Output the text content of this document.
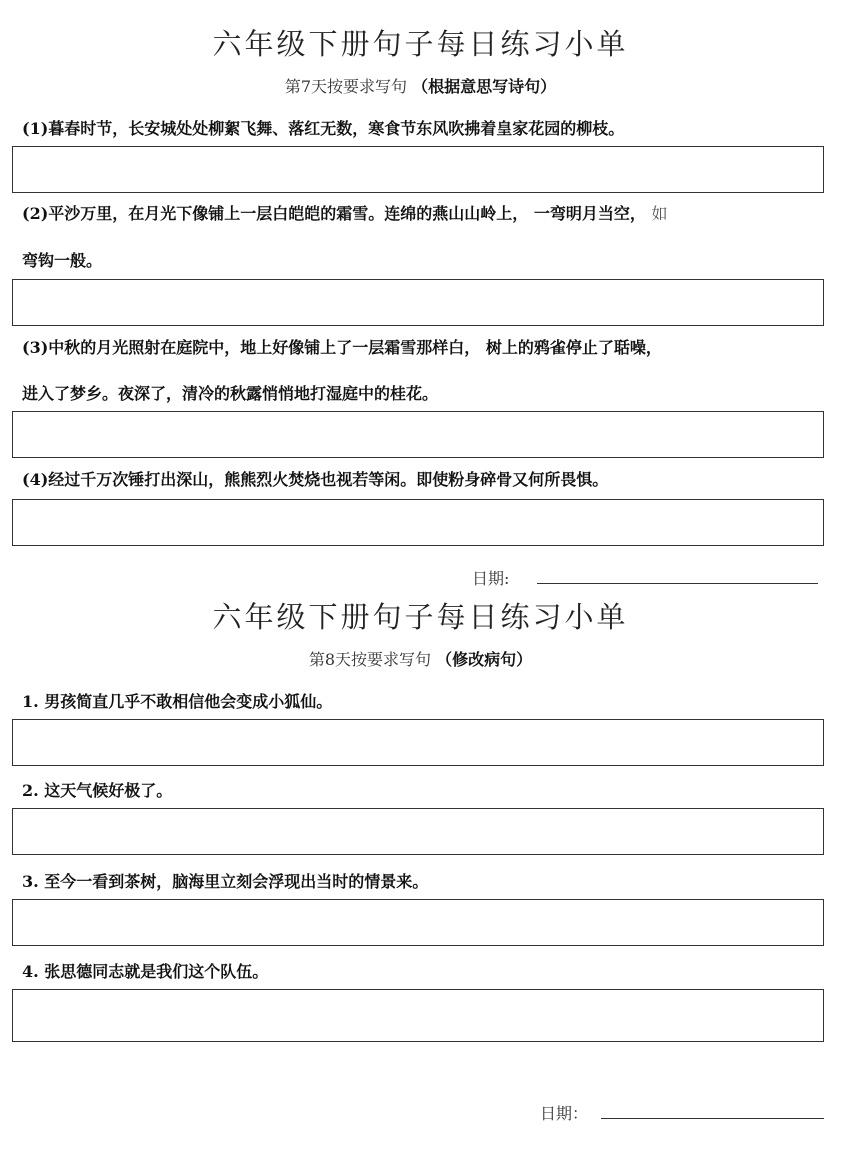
六年级下册句子每日练习小单
第7天按要求写句 （根据意思写诗句）
(1)暮春时节，长安城处处柳絮飞舞、落红无数，寒食节东风吹拂着皇家花园的柳枝。
(2)平沙万里，在月光下像铺上一层白皑皑的霜雪。连绵的燕山山岭上， 一弯明月当空， 如
弯钩一般。
(3)中秋的月光照射在庭院中，地上好像铺上了一层霜雪那样白， 树上的鸦雀停止了聒噪，
进入了梦乡。夜深了，清冷的秋露悄悄地打湿庭中的桂花。
(4)经过千万次锤打出深山，熊熊烈火焚烧也视若等闲。即使粉身碎骨又何所畏惧。
日期:
六年级下册句子每日练习小单
第8天按要求写句 （修改病句）
1. 男孩简直几乎不敢相信他会变成小狐仙。
2. 这天气候好极了。
3. 至今一看到茶树，脑海里立刻会浮现出当时的情景来。
4. 张思德同志就是我们这个队伍。
日期：
